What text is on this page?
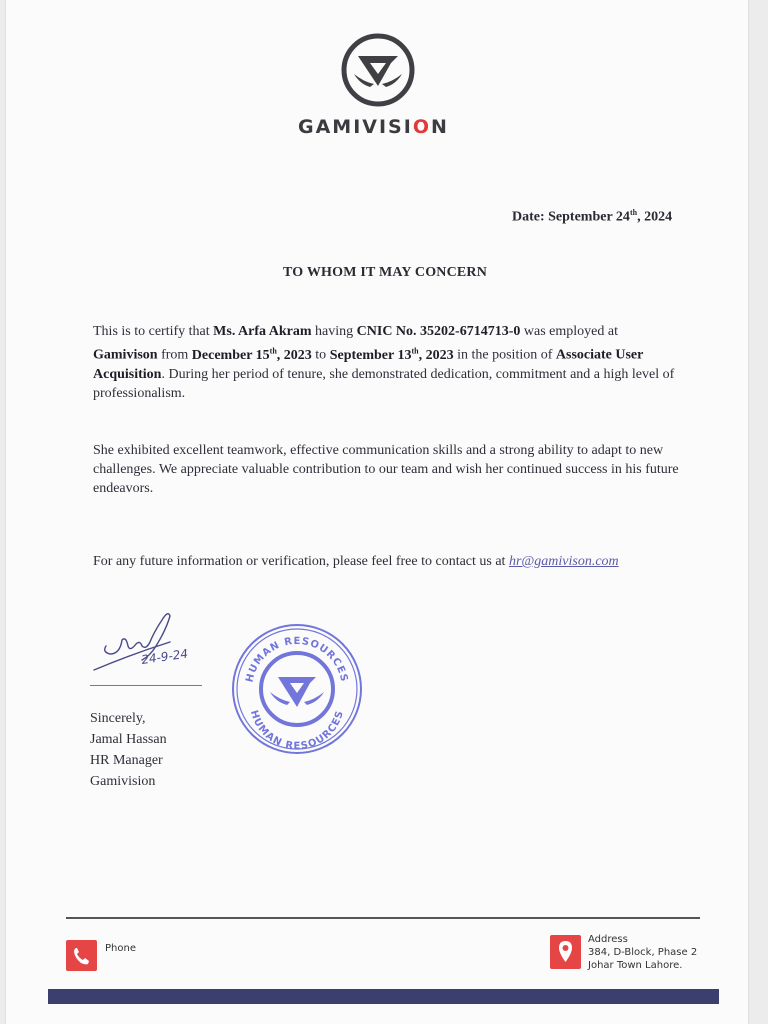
GAMIVISION
Date: September 24th, 2024
TO WHOM IT MAY CONCERN
This is to certify that Ms. Arfa Akram having CNIC No. 35202-6714713-0 was employed at Gamivison from December 15th, 2023 to September 13th, 2023 in the position of Associate User Acquisition. During her period of tenure, she demonstrated dedication, commitment and a high level of professionalism.
She exhibited excellent teamwork, effective communication skills and a strong ability to adapt to new challenges. We appreciate valuable contribution to our team and wish her continued success in his future endeavors.
For any future information or verification, please feel free to contact us at hr@gamivison.com
24-9-24
Sincerely,
Jamal Hassan
HR Manager
Gamivision
HUMAN RESOURCES
HUMAN RESOURCES
Phone
Address
384, D-Block, Phase 2
Johar Town Lahore.
